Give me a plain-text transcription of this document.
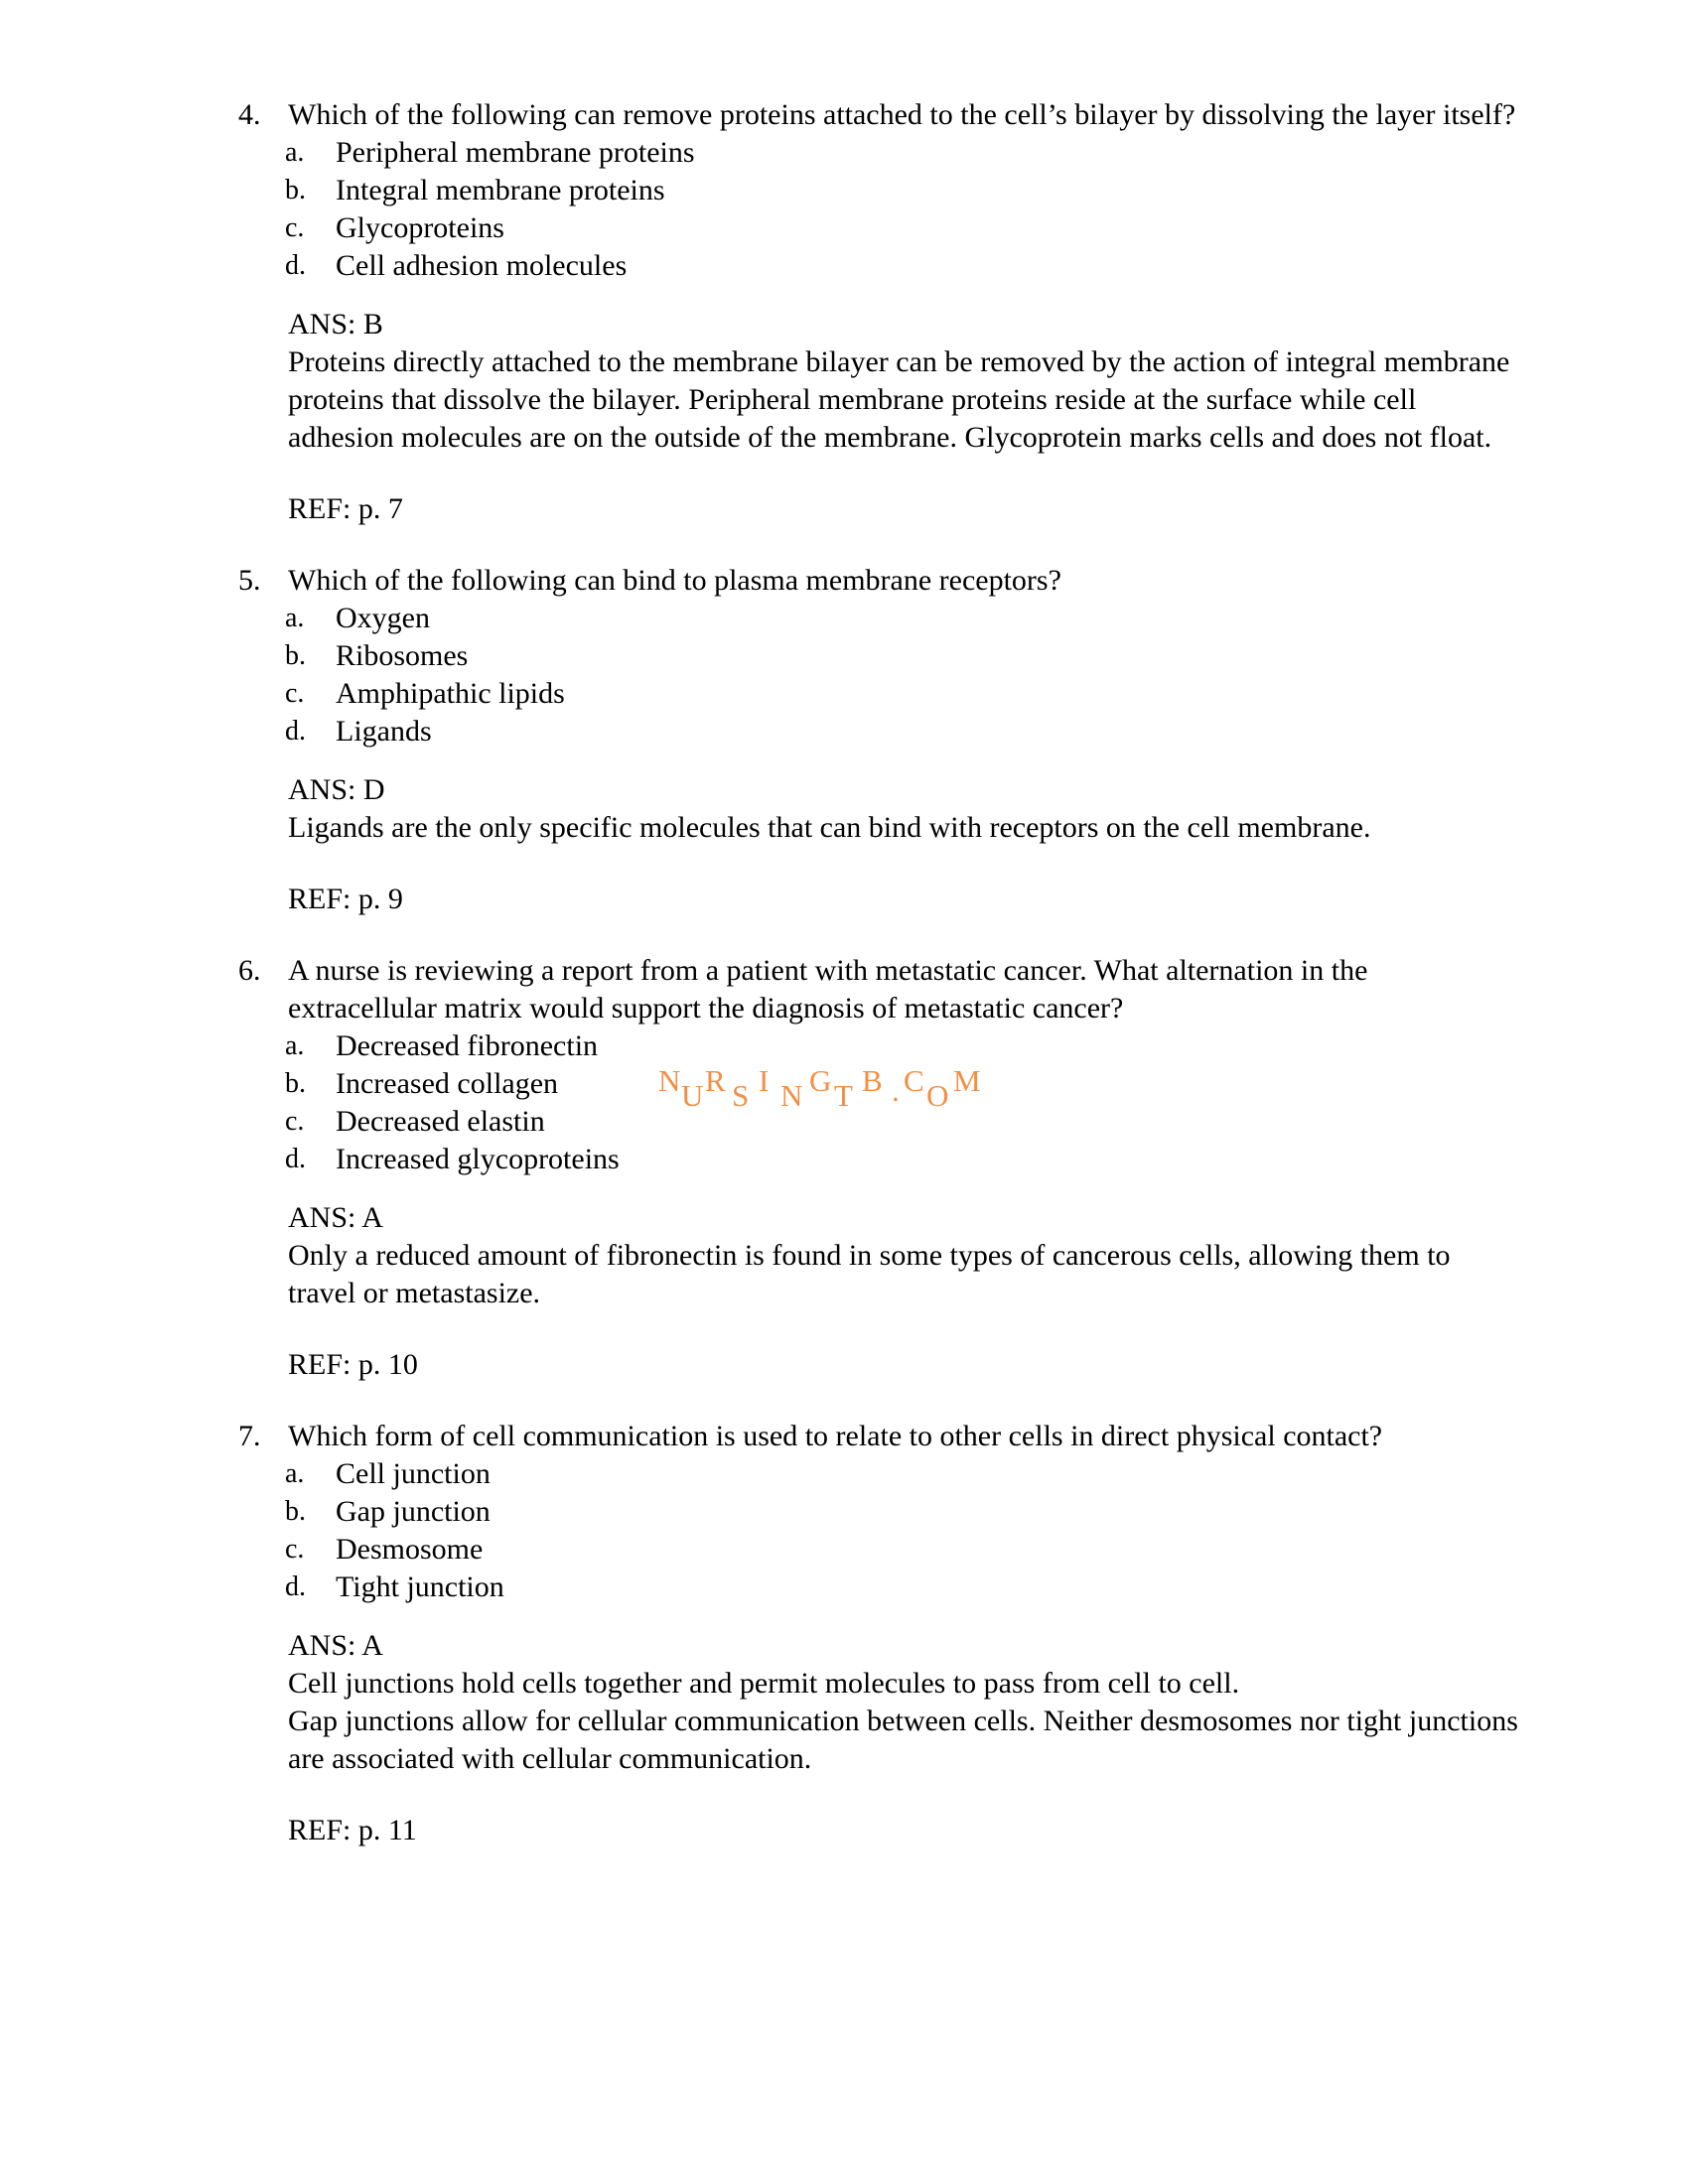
4. Which of the following can remove proteins attached to the cell’s bilayer by dissolving the layer itself?
a. Peripheral membrane proteins
b. Integral membrane proteins
c. Glycoproteins
d. Cell adhesion molecules
ANS: B

Proteins directly attached to the membrane bilayer can be removed by the action of integral membrane proteins that dissolve the bilayer. Peripheral membrane proteins reside at the surface while cell adhesion molecules are on the outside of the membrane. Glycoprotein marks cells and does not float.

REF: p. 7
5. Which of the following can bind to plasma membrane receptors?
a. Oxygen
b. Ribosomes
c. Amphipathic lipids
d. Ligands
ANS: D

Ligands are the only specific molecules that can bind with receptors on the cell membrane.

REF: p. 9
6. A nurse is reviewing a report from a patient with metastatic cancer. What alternation in the extracellular matrix would support the diagnosis of metastatic cancer?
a. Decreased fibronectin
b. Increased collagen
c. Decreased elastin
d. Increased glycoproteins
ANS: A

Only a reduced amount of fibronectin is found in some types of cancerous cells, allowing them to travel or metastasize.

REF: p. 10
7. Which form of cell communication is used to relate to other cells in direct physical contact?
a. Cell junction
b. Gap junction
c. Desmosome
d. Tight junction
ANS: A

Cell junctions hold cells together and permit molecules to pass from cell to cell.

Gap junctions allow for cellular communication between cells. Neither desmosomes nor tight junctions are associated with cellular communication.

REF: p. 11
N U R S I N G T B . C O M
